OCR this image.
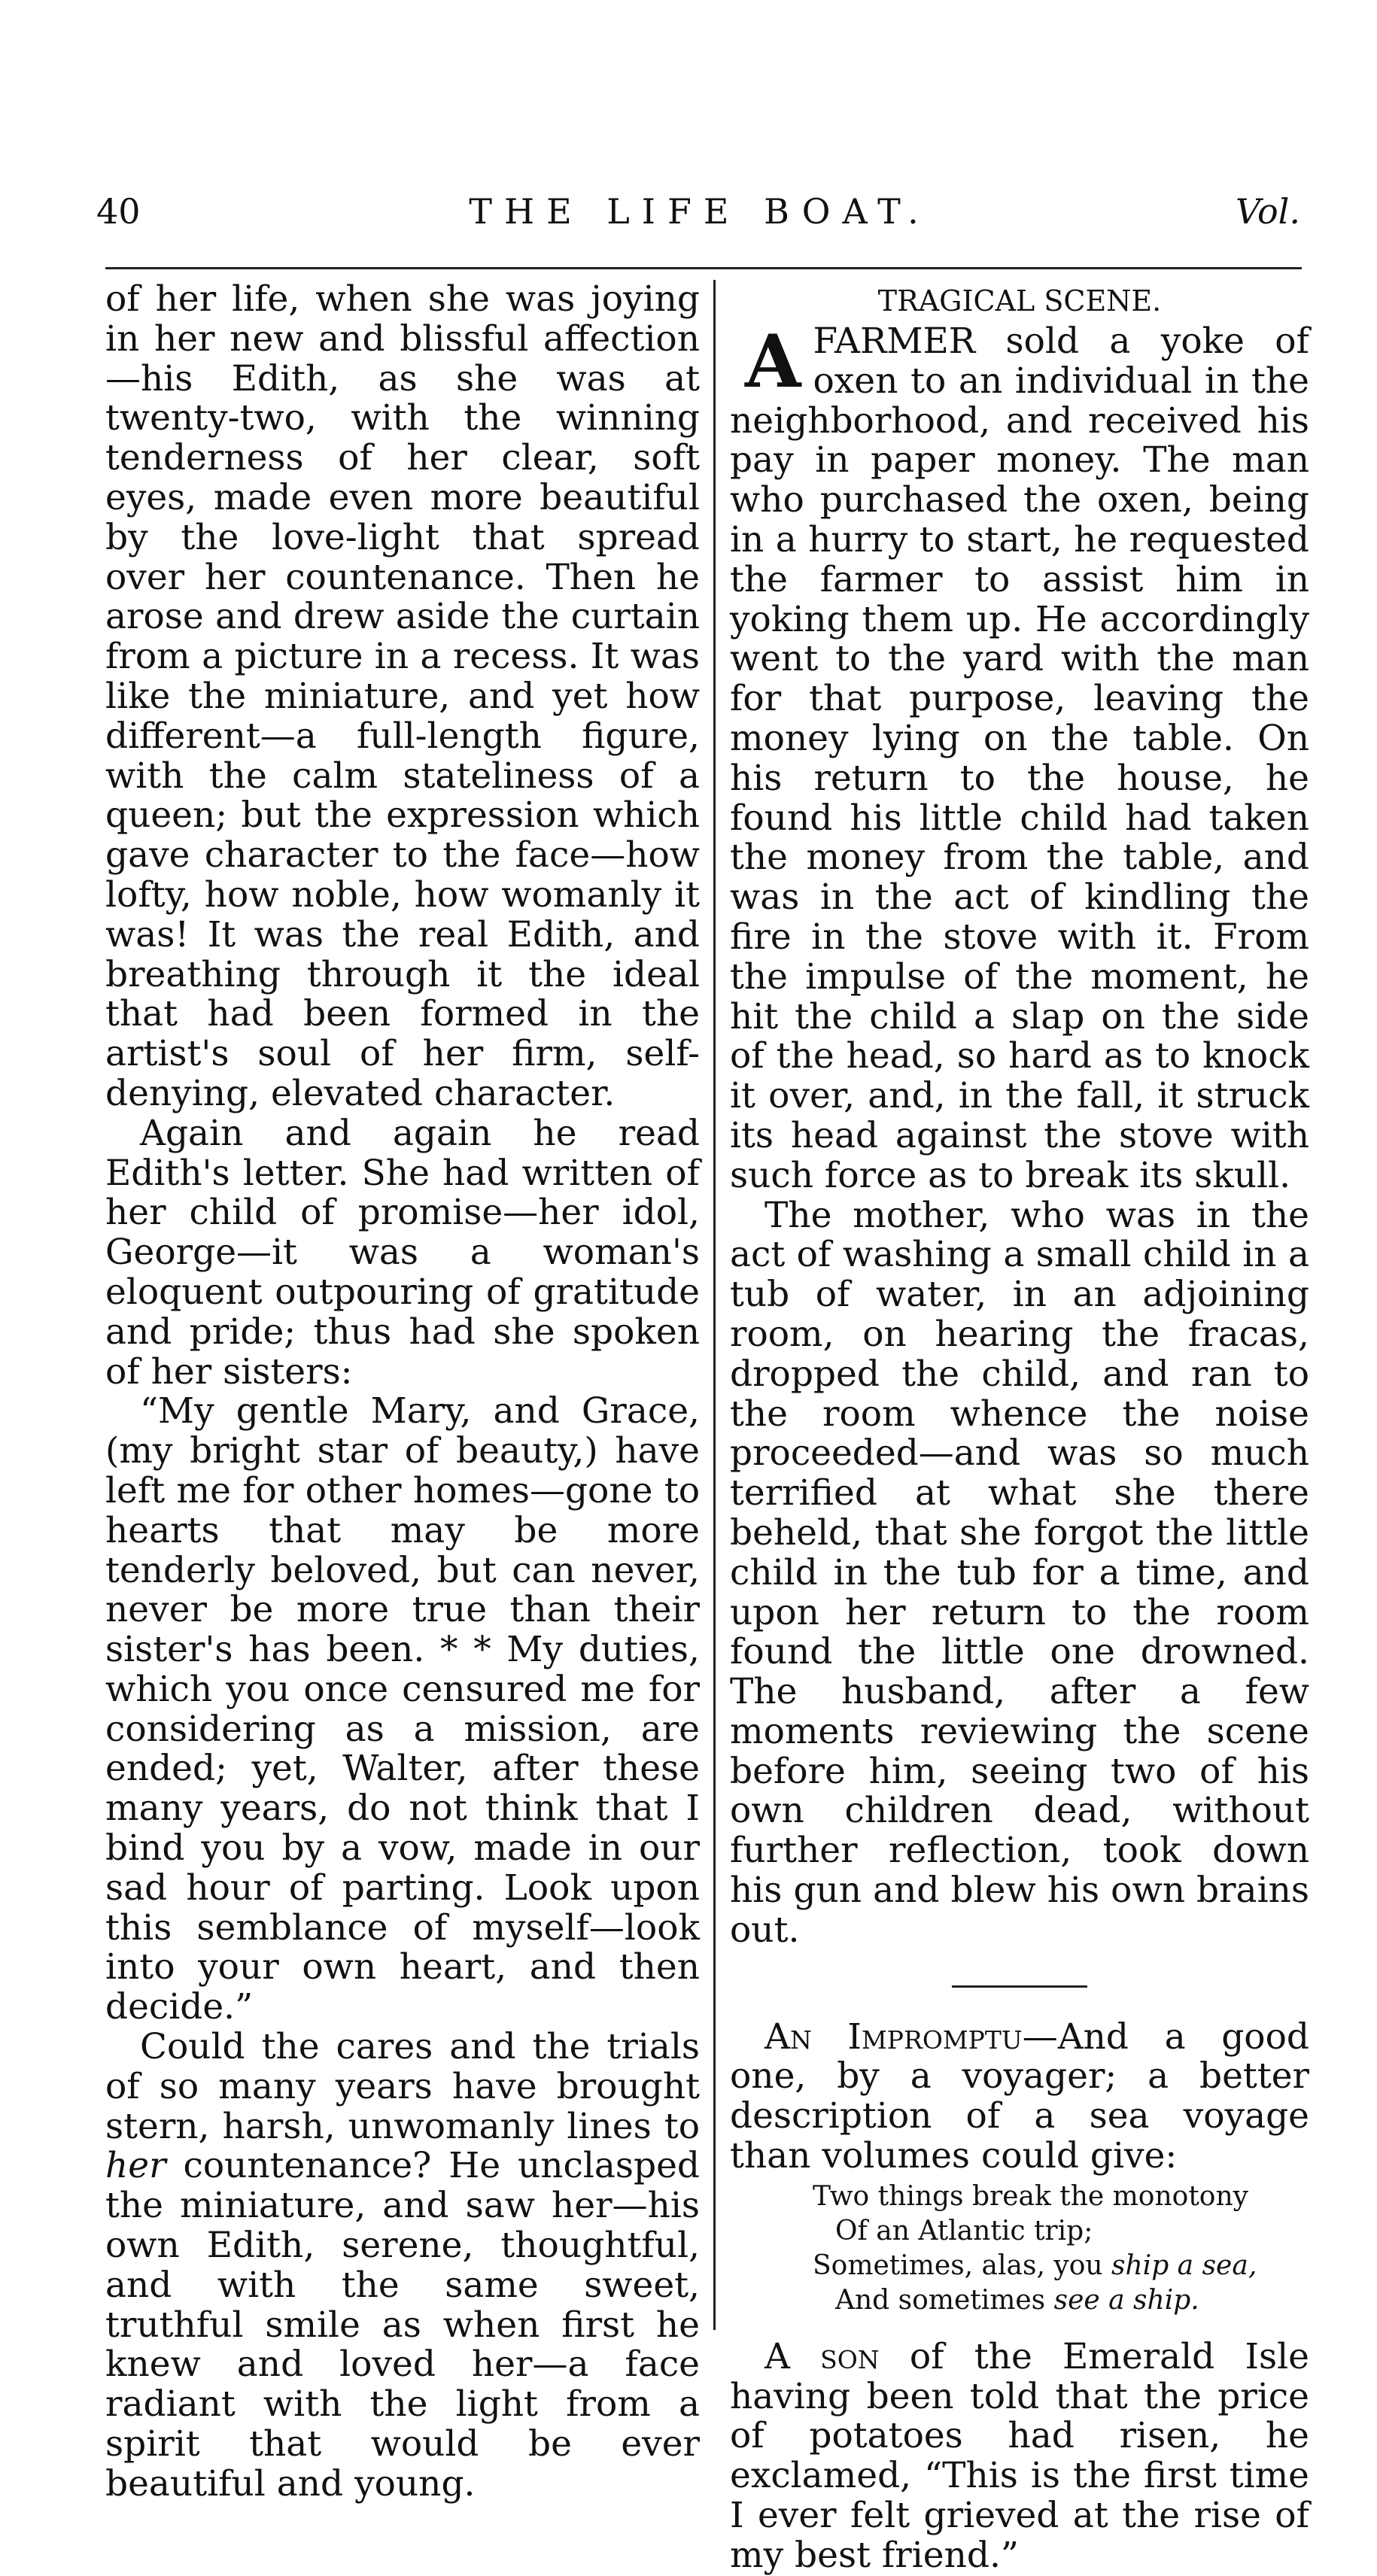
40	THE LIFE BOAT.	Vol.

of her life, when she was joying in her new and blissful affection—his Edith, as she was at twenty-two, with the winning tenderness of her clear, soft eyes, made even more beautiful by the love-light that spread over her countenance. Then he arose and drew aside the curtain from a picture in a recess. It was like the miniature, and yet how different—a full-length figure, with the calm stateliness of a queen; but the expression which gave character to the face—how lofty, how noble, how womanly it was! It was the real Edith, and breathing through it the ideal that had been formed in the artist's soul of her firm, self-denying, elevated character.

Again and again he read Edith's letter. She had written of her child of promise—her idol, George—it was a woman's eloquent outpouring of gratitude and pride; thus had she spoken of her sisters:

“My gentle Mary, and Grace, (my bright star of beauty,) have left me for other homes—gone to hearts that may be more tenderly beloved, but can never, never be more true than their sister's has been. * * My duties, which you once censured me for considering as a mission, are ended; yet, Walter, after these many years, do not think that I bind you by a vow, made in our sad hour of parting. Look upon this semblance of myself—look into your own heart, and then decide.”

Could the cares and the trials of so many years have brought stern, harsh, unwomanly lines to her countenance? He unclasped the miniature, and saw her—his own Edith, serene, thoughtful, and with the same sweet, truthful smile as when first he knew and loved her—a face radiant with the light from a spirit that would be ever beautiful and young.

TRAGICAL SCENE.

A FARMER sold a yoke of oxen to an individual in the neighborhood, and received his pay in paper money. The man who purchased the oxen, being in a hurry to start, he requested the farmer to assist him in yoking them up. He accordingly went to the yard with the man for that purpose, leaving the money lying on the table. On his return to the house, he found his little child had taken the money from the table, and was in the act of kindling the fire in the stove with it. From the impulse of the moment, he hit the child a slap on the side of the head, so hard as to knock it over, and, in the fall, it struck its head against the stove with such force as to break its skull.

The mother, who was in the act of washing a small child in a tub of water, in an adjoining room, on hearing the fracas, dropped the child, and ran to the room whence the noise proceeded—and was so much terrified at what she there beheld, that she forgot the little child in the tub for a time, and upon her return to the room found the little one drowned. The husband, after a few moments reviewing the scene before him, seeing two of his own children dead, without further reflection, took down his gun and blew his own brains out.

An Impromptu—And a good one, by a voyager; a better description of a sea voyage than volumes could give:

Two things break the monotony
Of an Atlantic trip;
Sometimes, alas, you ship a sea,
And sometimes see a ship.

A son of the Emerald Isle having been told that the price of potatoes had risen, he exclamed, “This is the first time I ever felt grieved at the rise of my best friend.”
